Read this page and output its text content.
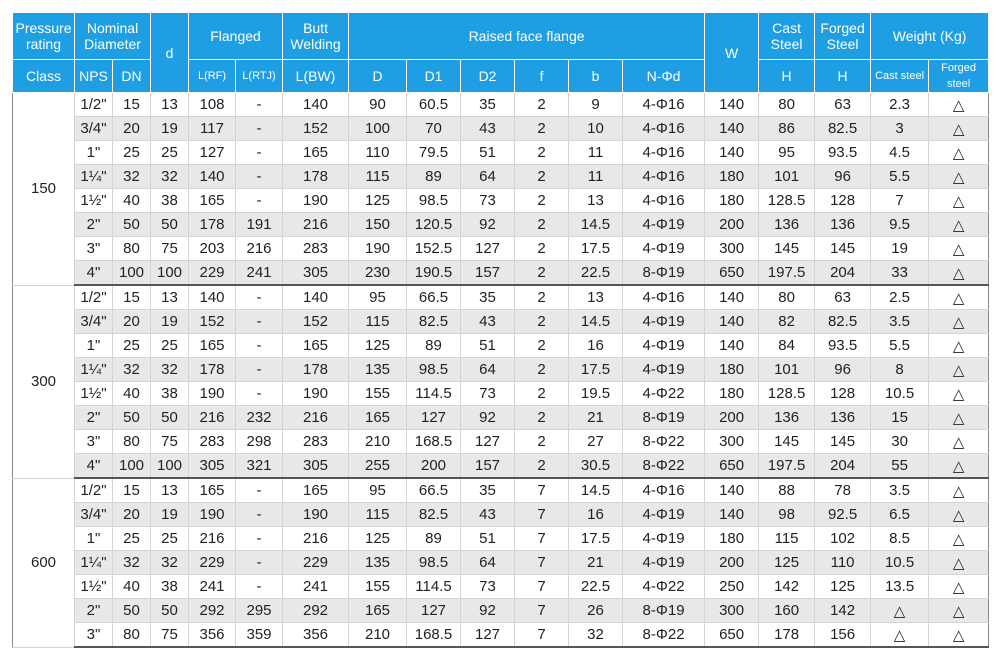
Pressure rating	Nominal Diameter		d	Flanged		Butt Welding	Raised face flange						W	Cast Steel	Forged Steel	Weight (Kg)	
Class	NPS	DN		L(RF)	L(RTJ)	L(BW)	D	D1	D2	f	b	N-Φd		H	H	Cast steel	Forged steel
150	1/2"	15	13	108	-	140	90	60.5	35	2	9	4-Φ16	140	80	63	2.3	△
	3/4"	20	19	117	-	152	100	70	43	2	10	4-Φ16	140	86	82.5	3	△
	1"	25	25	127	-	165	110	79.5	51	2	11	4-Φ16	140	95	93.5	4.5	△
	1¼"	32	32	140	-	178	115	89	64	2	11	4-Φ16	180	101	96	5.5	△
	1½"	40	38	165	-	190	125	98.5	73	2	13	4-Φ16	180	128.5	128	7	△
	2"	50	50	178	191	216	150	120.5	92	2	14.5	4-Φ19	200	136	136	9.5	△
	3"	80	75	203	216	283	190	152.5	127	2	17.5	4-Φ19	300	145	145	19	△
	4"	100	100	229	241	305	230	190.5	157	2	22.5	8-Φ19	650	197.5	204	33	△
300	1/2"	15	13	140	-	140	95	66.5	35	2	13	4-Φ16	140	80	63	2.5	△
	3/4"	20	19	152	-	152	115	82.5	43	2	14.5	4-Φ19	140	82	82.5	3.5	△
	1"	25	25	165	-	165	125	89	51	2	16	4-Φ19	140	84	93.5	5.5	△
	1¼"	32	32	178	-	178	135	98.5	64	2	17.5	4-Φ19	180	101	96	8	△
	1½"	40	38	190	-	190	155	114.5	73	2	19.5	4-Φ22	180	128.5	128	10.5	△
	2"	50	50	216	232	216	165	127	92	2	21	8-Φ19	200	136	136	15	△
	3"	80	75	283	298	283	210	168.5	127	2	27	8-Φ22	300	145	145	30	△
	4"	100	100	305	321	305	255	200	157	2	30.5	8-Φ22	650	197.5	204	55	△
600	1/2"	15	13	165	-	165	95	66.5	35	7	14.5	4-Φ16	140	88	78	3.5	△
	3/4"	20	19	190	-	190	115	82.5	43	7	16	4-Φ19	140	98	92.5	6.5	△
	1"	25	25	216	-	216	125	89	51	7	17.5	4-Φ19	180	115	102	8.5	△
	1¼"	32	32	229	-	229	135	98.5	64	7	21	4-Φ19	200	125	110	10.5	△
	1½"	40	38	241	-	241	155	114.5	73	7	22.5	4-Φ22	250	142	125	13.5	△
	2"	50	50	292	295	292	165	127	92	7	26	8-Φ19	300	160	142	△	△
	3"	80	75	356	359	356	210	168.5	127	7	32	8-Φ22	650	178	156	△	△
